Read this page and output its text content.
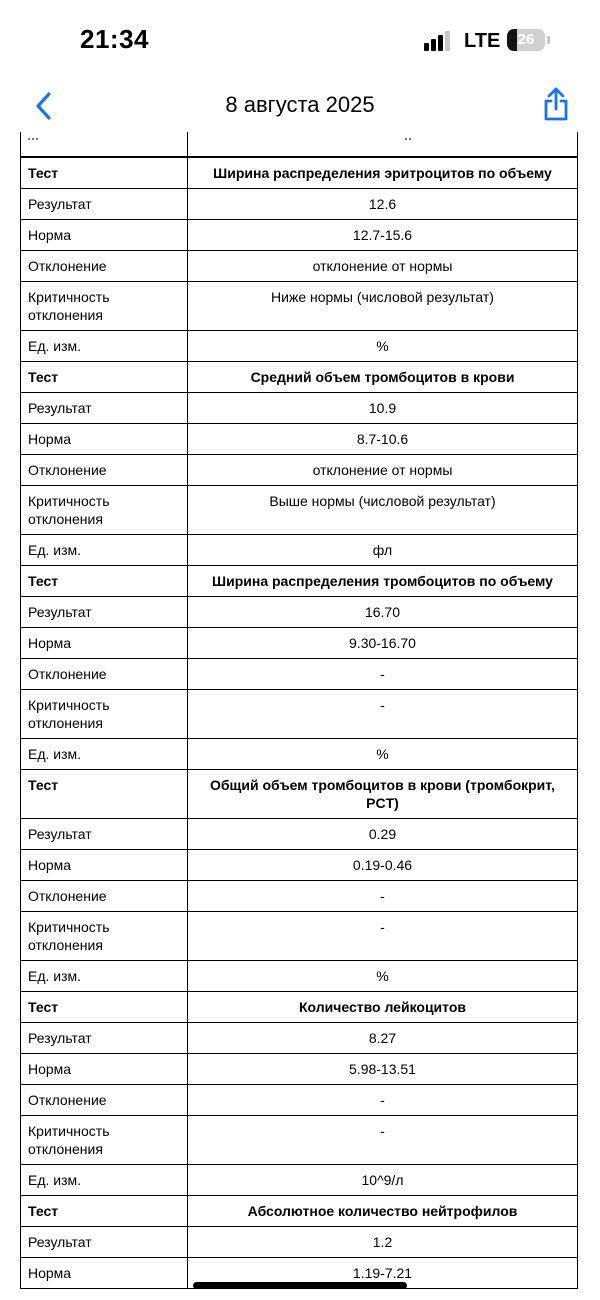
21:34	LTE	26
8 августа 2025
Тест	Ширина распределения эритроцитов по объему
Результат	12.6
Норма	12.7-15.6
Отклонение	отклонение от нормы
Критичность отклонения	Ниже нормы (числовой результат)
Ед. изм.	%
Тест	Средний объем тромбоцитов в крови
Результат	10.9
Норма	8.7-10.6
Отклонение	отклонение от нормы
Критичность отклонения	Выше нормы (числовой результат)
Ед. изм.	фл
Тест	Ширина распределения тромбоцитов по объему
Результат	16.70
Норма	9.30-16.70
Отклонение	-
Критичность отклонения	-
Ед. изм.	%
Тест	Общий объем тромбоцитов в крови (тромбокрит, PCT)
Результат	0.29
Норма	0.19-0.46
Отклонение	-
Критичность отклонения	-
Ед. изм.	%
Тест	Количество лейкоцитов
Результат	8.27
Норма	5.98-13.51
Отклонение	-
Критичность отклонения	-
Ед. изм.	10^9/л
Тест	Абсолютное количество нейтрофилов
Результат	1.2
Норма	1.19-7.21
